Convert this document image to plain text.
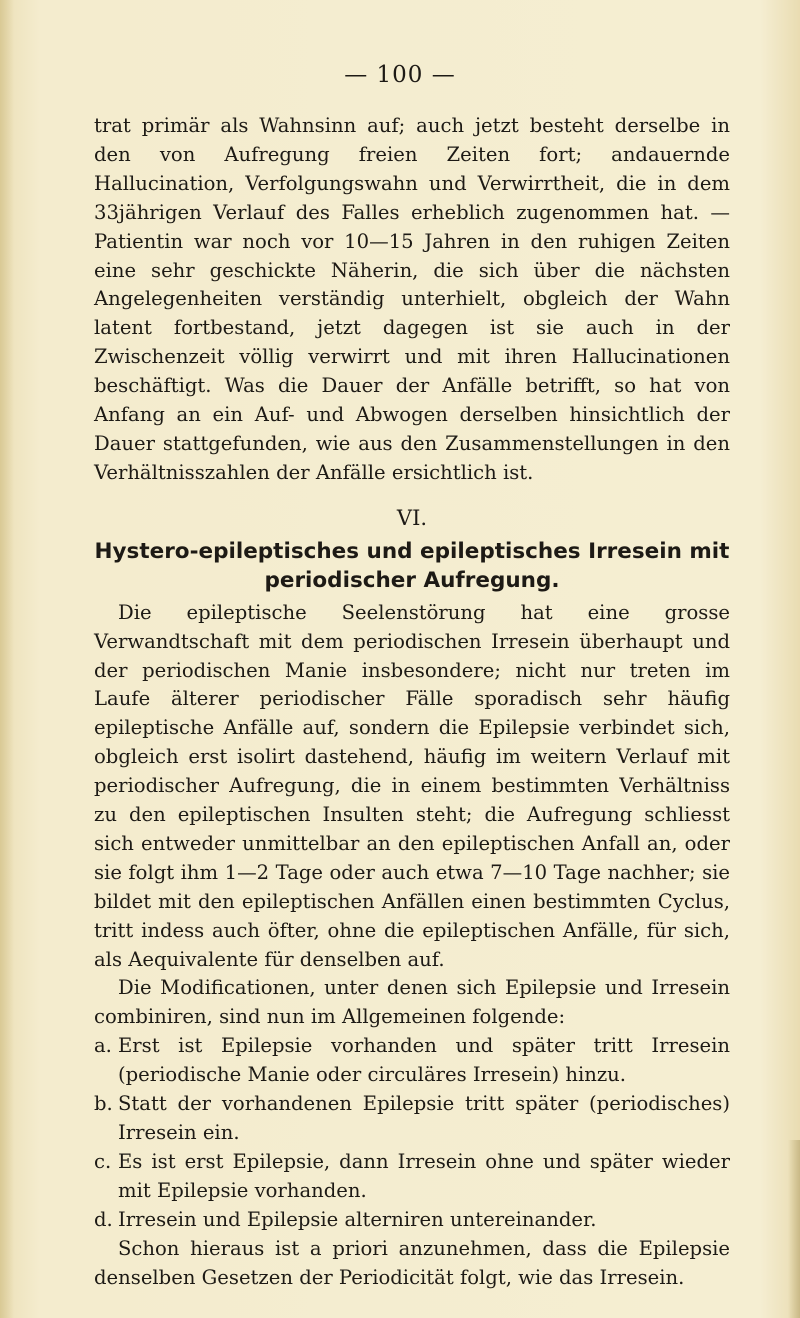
— 100 —

trat primär als Wahnsinn auf; auch jetzt besteht derselbe in den von Aufregung freien Zeiten fort; andauernde Hallucination, Verfolgungswahn und Verwirrtheit, die in dem 33jährigen Verlauf des Falles erheblich zugenommen hat. — Patientin war noch vor 10—15 Jahren in den ruhigen Zeiten eine sehr geschickte Näherin, die sich über die nächsten Angelegenheiten verständig unterhielt, obgleich der Wahn latent fortbestand, jetzt dagegen ist sie auch in der Zwischenzeit völlig verwirrt und mit ihren Hallucinationen beschäftigt. Was die Dauer der Anfälle betrifft, so hat von Anfang an ein Auf- und Abwogen derselben hinsichtlich der Dauer stattgefunden, wie aus den Zusammenstellungen in den Verhältnisszahlen der Anfälle ersichtlich ist.

VI.
Hystero-epileptisches und epileptisches Irresein mit periodischer Aufregung.

Die epileptische Seelenstörung hat eine grosse Verwandtschaft mit dem periodischen Irresein überhaupt und der periodischen Manie insbesondere; nicht nur treten im Laufe älterer periodischer Fälle sporadisch sehr häufig epileptische Anfälle auf, sondern die Epilepsie verbindet sich, obgleich erst isolirt dastehend, häufig im weitern Verlauf mit periodischer Aufregung, die in einem bestimmten Verhältniss zu den epileptischen Insulten steht; die Aufregung schliesst sich entweder unmittelbar an den epileptischen Anfall an, oder sie folgt ihm 1—2 Tage oder auch etwa 7—10 Tage nachher; sie bildet mit den epileptischen Anfällen einen bestimmten Cyclus, tritt indess auch öfter, ohne die epileptischen Anfälle, für sich, als Aequivalente für denselben auf.

Die Modificationen, unter denen sich Epilepsie und Irresein combiniren, sind nun im Allgemeinen folgende:

a. Erst ist Epilepsie vorhanden und später tritt Irresein (periodische Manie oder circuläres Irresein) hinzu.
b. Statt der vorhandenen Epilepsie tritt später (periodisches) Irresein ein.
c. Es ist erst Epilepsie, dann Irresein ohne und später wieder mit Epilepsie vorhanden.
d. Irresein und Epilepsie alterniren untereinander.

Schon hieraus ist a priori anzunehmen, dass die Epilepsie denselben Gesetzen der Periodicität folgt, wie das Irresein.
